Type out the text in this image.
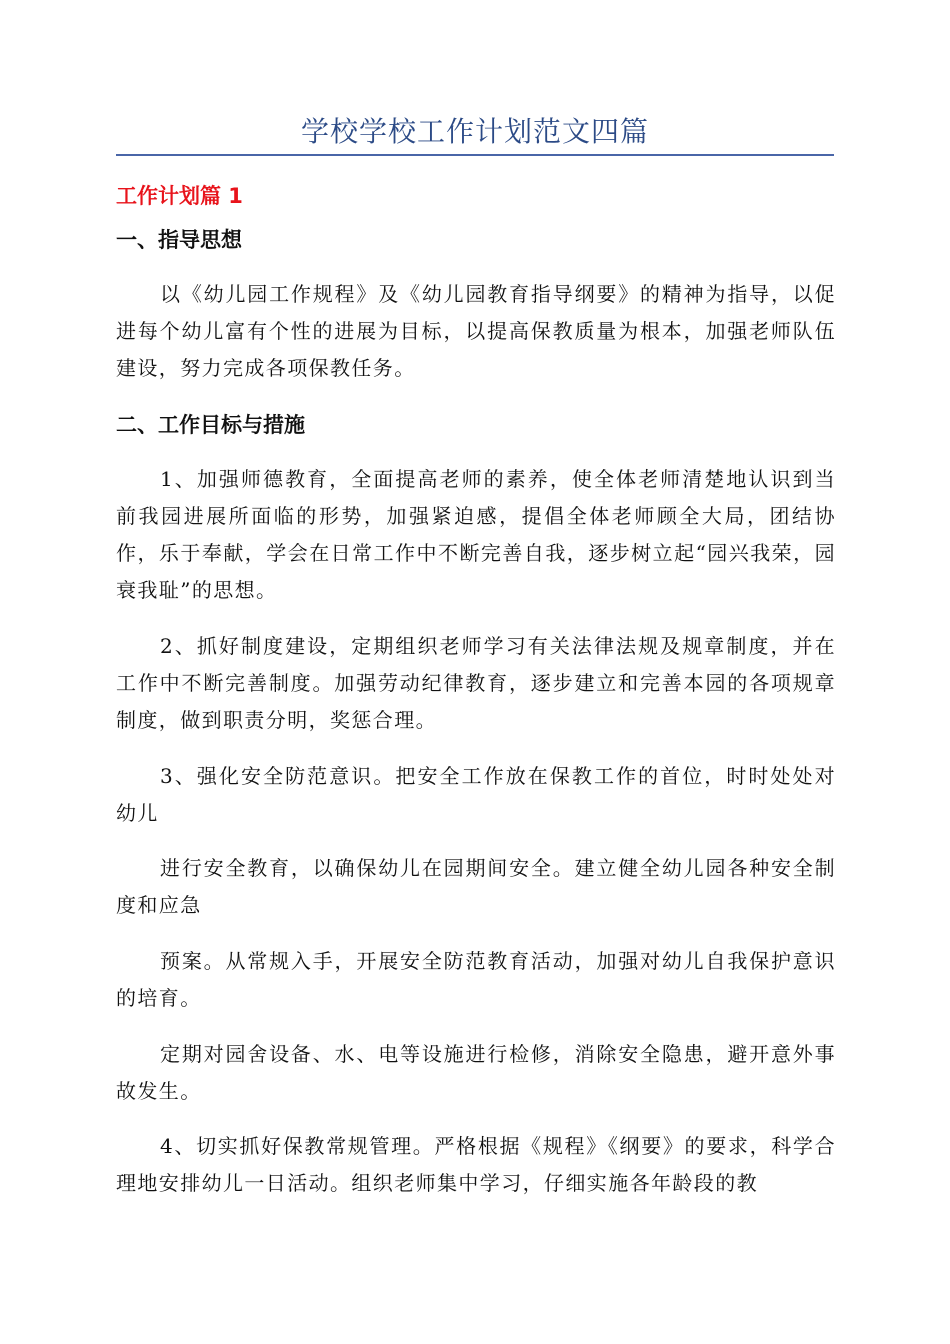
学校学校工作计划范文四篇
工作计划篇 1
一、指导思想

以《幼儿园工作规程》及《幼儿园教育指导纲要》的精神为指导，以促进每个幼儿富有个性的进展为目标，以提高保教质量为根本，加强老师队伍建设，努力完成各项保教任务。

二、工作目标与措施

1、加强师德教育，全面提高老师的素养，使全体老师清楚地认识到当前我园进展所面临的形势，加强紧迫感，提倡全体老师顾全大局，团结协作，乐于奉献，学会在日常工作中不断完善自我，逐步树立起“园兴我荣，园衰我耻”的思想。

2、抓好制度建设，定期组织老师学习有关法律法规及规章制度，并在工作中不断完善制度。加强劳动纪律教育，逐步建立和完善本园的各项规章制度，做到职责分明，奖惩合理。

3、强化安全防范意识。把安全工作放在保教工作的首位，时时处处对幼儿

进行安全教育，以确保幼儿在园期间安全。建立健全幼儿园各种安全制度和应急

预案。从常规入手，开展安全防范教育活动，加强对幼儿自我保护意识的培育。

定期对园舍设备、水、电等设施进行检修，消除安全隐患，避开意外事故发生。

4、切实抓好保教常规管理。严格根据《规程》《纲要》的要求，科学合理地安排幼儿一日活动。组织老师集中学习，仔细实施各年龄段的教
